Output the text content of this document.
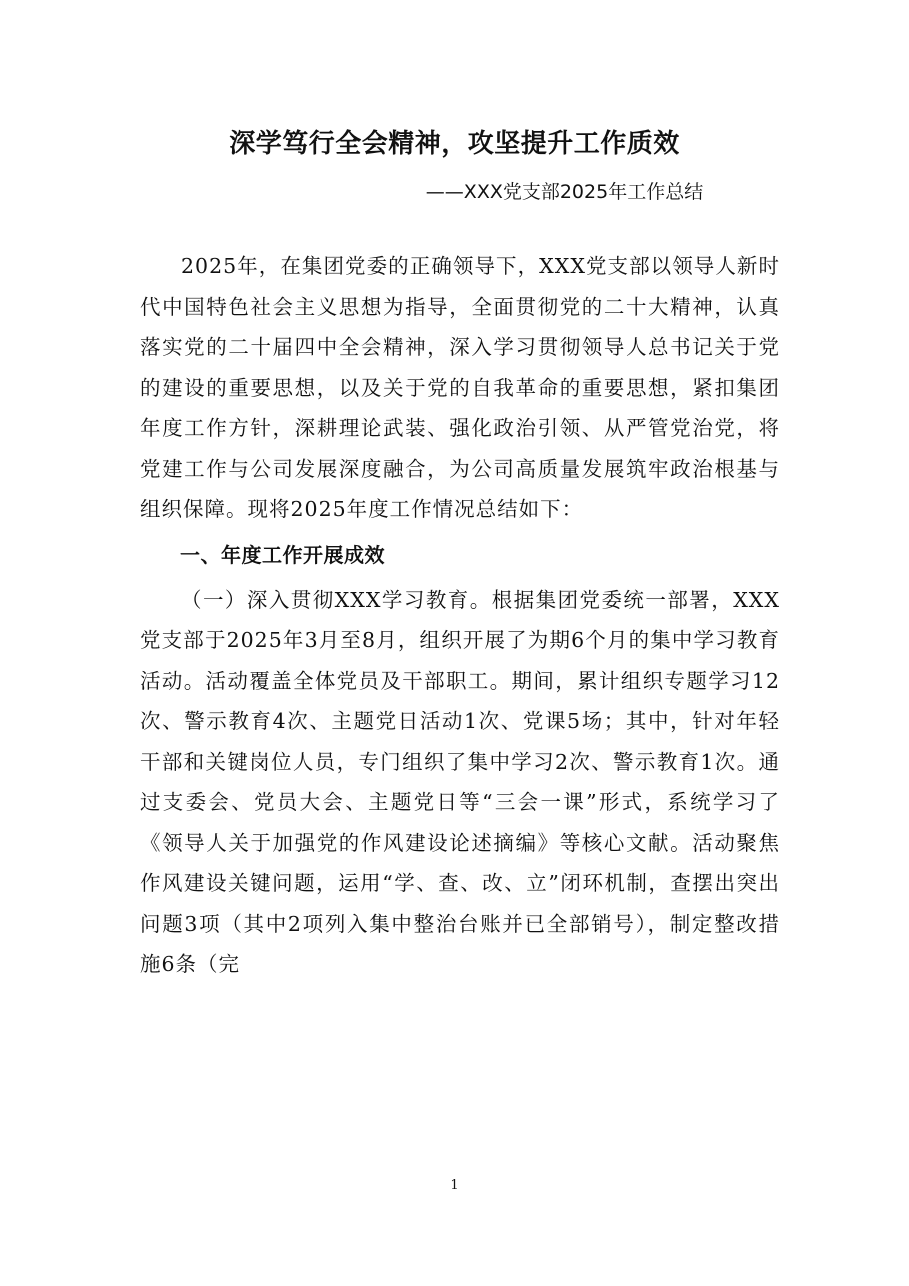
深学笃行全会精神，攻坚提升工作质效
——XXX党支部2025年工作总结

2025年，在集团党委的正确领导下，XXX党支部以领导人新时代中国特色社会主义思想为指导，全面贯彻党的二十大精神，认真落实党的二十届四中全会精神，深入学习贯彻领导人总书记关于党的建设的重要思想，以及关于党的自我革命的重要思想，紧扣集团年度工作方针，深耕理论武装、强化政治引领、从严管党治党，将党建工作与公司发展深度融合，为公司高质量发展筑牢政治根基与组织保障。现将2025年度工作情况总结如下：

一、年度工作开展成效

（一）深入贯彻XXX学习教育。根据集团党委统一部署，XXX党支部于2025年3月至8月，组织开展了为期6个月的集中学习教育活动。活动覆盖全体党员及干部职工。期间，累计组织专题学习12次、警示教育4次、主题党日活动1次、党课5场；其中，针对年轻干部和关键岗位人员，专门组织了集中学习2次、警示教育1次。通过支委会、党员大会、主题党日等“三会一课”形式，系统学习了《领导人关于加强党的作风建设论述摘编》等核心文献。活动聚焦作风建设关键问题，运用“学、查、改、立”闭环机制，查摆出突出问题3项（其中2项列入集中整治台账并已全部销号），制定整改措施6条（完

1
